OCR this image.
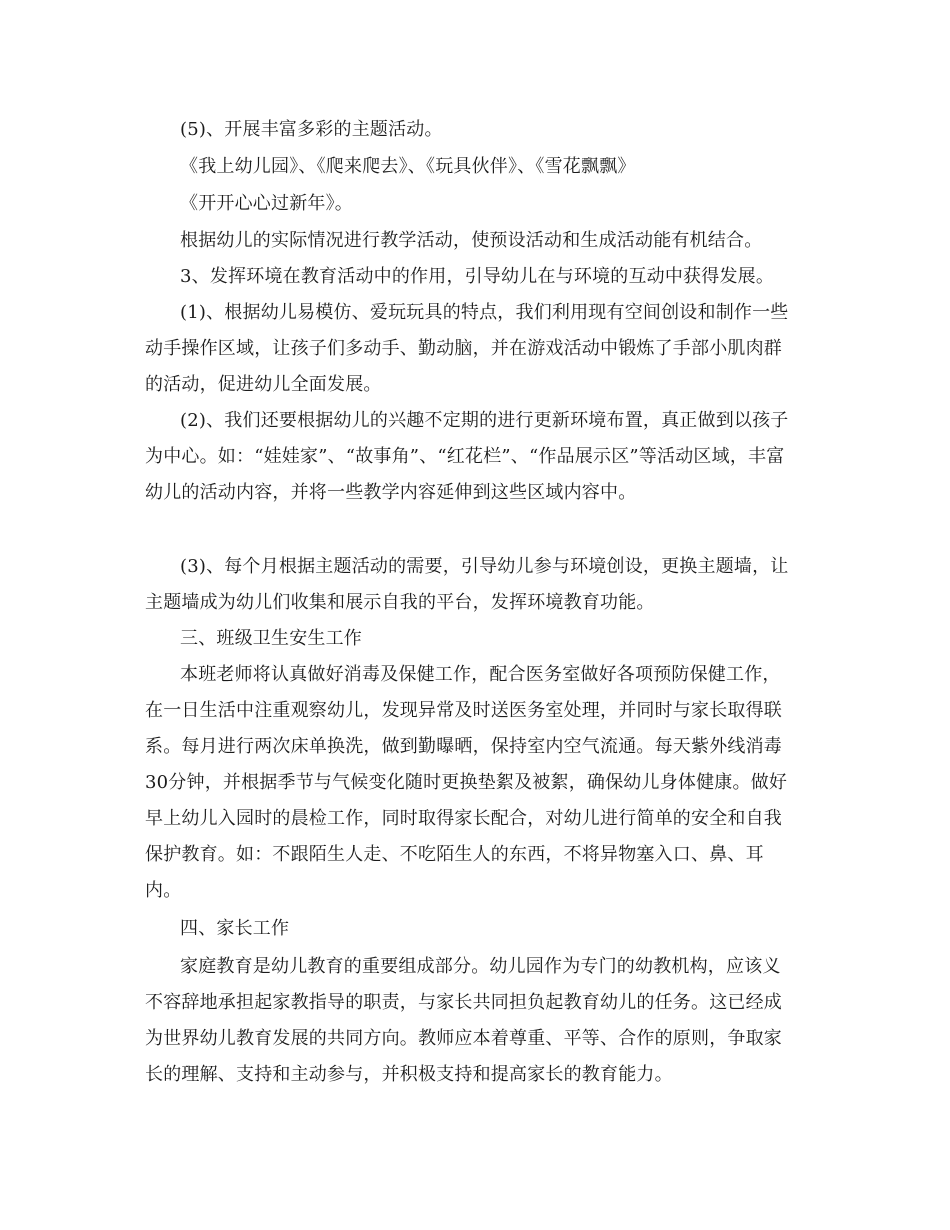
(5)、开展丰富多彩的主题活动。
《我上幼儿园》、《爬来爬去》、《玩具伙伴》、《雪花飘飘》
《开开心心过新年》。
根据幼儿的实际情况进行教学活动，使预设活动和生成活动能有机结合。
3、发挥环境在教育活动中的作用，引导幼儿在与环境的互动中获得发展。
(1)、根据幼儿易模仿、爱玩玩具的特点，我们利用现有空间创设和制作一些
动手操作区域，让孩子们多动手、勤动脑，并在游戏活动中锻炼了手部小肌肉群
的活动，促进幼儿全面发展。
(2)、我们还要根据幼儿的兴趣不定期的进行更新环境布置，真正做到以孩子
为中心。如：“娃娃家”、“故事角”、“红花栏”、“作品展示区”等活动区域，丰富
幼儿的活动内容，并将一些教学内容延伸到这些区域内容中。
(3)、每个月根据主题活动的需要，引导幼儿参与环境创设，更换主题墙，让
主题墙成为幼儿们收集和展示自我的平台，发挥环境教育功能。
三、班级卫生安生工作
本班老师将认真做好消毒及保健工作，配合医务室做好各项预防保健工作，
在一日生活中注重观察幼儿，发现异常及时送医务室处理，并同时与家长取得联
系。每月进行两次床单换洗，做到勤曝晒，保持室内空气流通。每天紫外线消毒
30分钟，并根据季节与气候变化随时更换垫絮及被絮，确保幼儿身体健康。做好
早上幼儿入园时的晨检工作，同时取得家长配合，对幼儿进行简单的安全和自我
保护教育。如：不跟陌生人走、不吃陌生人的东西，不将异物塞入口、鼻、耳
内。
四、家长工作
家庭教育是幼儿教育的重要组成部分。幼儿园作为专门的幼教机构，应该义
不容辞地承担起家教指导的职责，与家长共同担负起教育幼儿的任务。这已经成
为世界幼儿教育发展的共同方向。教师应本着尊重、平等、合作的原则，争取家
长的理解、支持和主动参与，并积极支持和提高家长的教育能力。
